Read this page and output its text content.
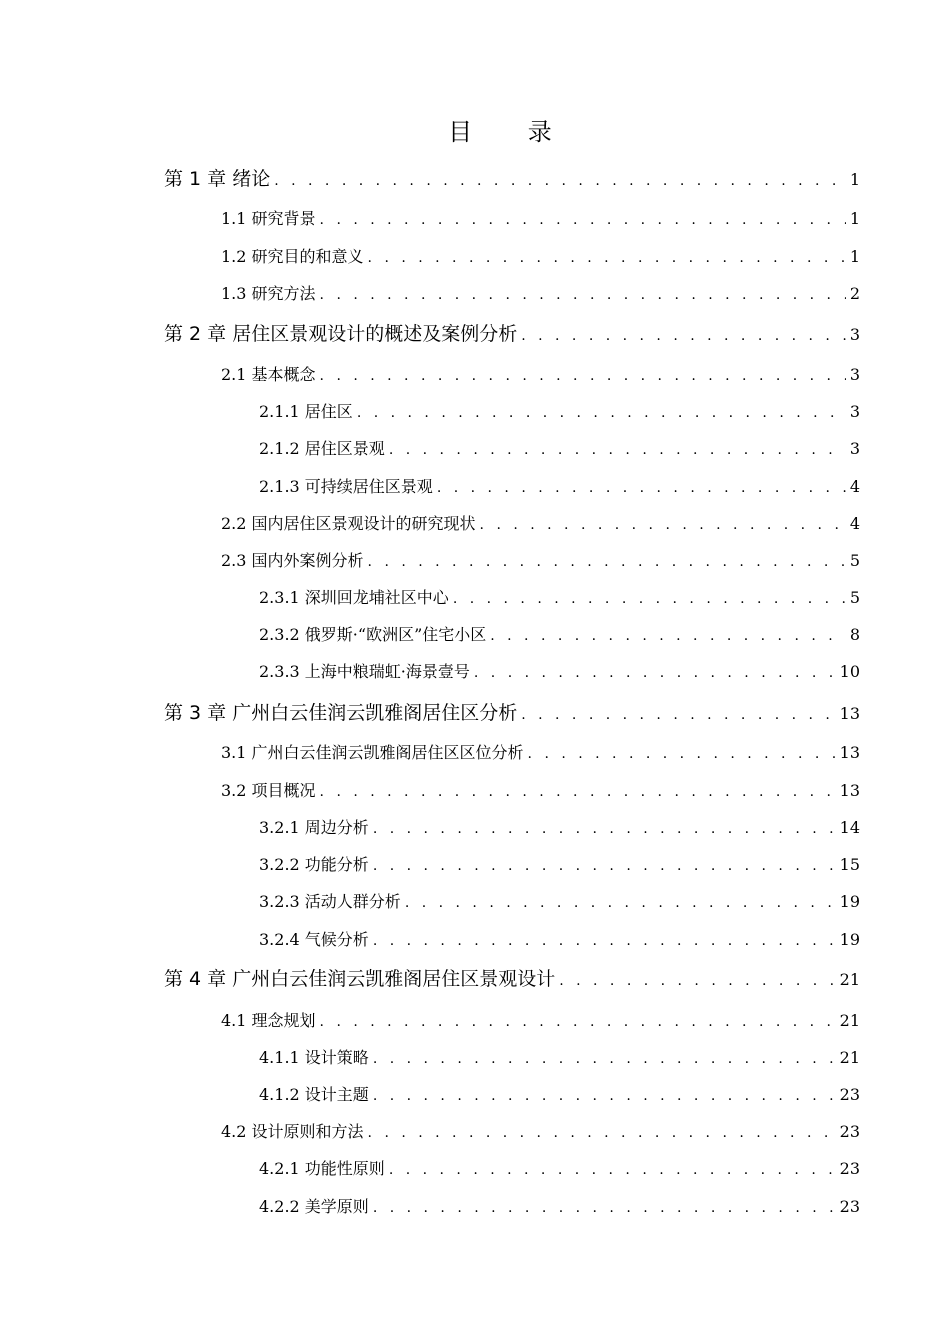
目 录
第 1 章 绪论 . . .	1
1.1 研究背景 . . .	1
1.2 研究目的和意义 . . .	1
1.3 研究方法 . . .	2
第 2 章 居住区景观设计的概述及案例分析 . . .	3
2.1 基本概念 . . .	3
2.1.1 居住区 . . .	3
2.1.2 居住区景观 . . .	3
2.1.3 可持续居住区景观 . . .	4
2.2 国内居住区景观设计的研究现状 . . .	4
2.3 国内外案例分析 . . .	5
2.3.1 深圳回龙埔社区中心 . . .	5
2.3.2 俄罗斯·“欧洲区”住宅小区 . . .	8
2.3.3 上海中粮瑞虹·海景壹号 . . .	10
第 3 章 广州白云佳润云凯雅阁居住区分析 . . .	13
3.1 广州白云佳润云凯雅阁居住区区位分析 . . .	13
3.2 项目概况 . . .	13
3.2.1 周边分析 . . .	14
3.2.2 功能分析 . . .	15
3.2.3 活动人群分析 . . .	19
3.2.4 气候分析 . . .	19
第 4 章 广州白云佳润云凯雅阁居住区景观设计 . . .	21
4.1 理念规划 . . .	21
4.1.1 设计策略 . . .	21
4.1.2 设计主题 . . .	23
4.2 设计原则和方法 . . .	23
4.2.1 功能性原则 . . .	23
4.2.2 美学原则 . . .	23
